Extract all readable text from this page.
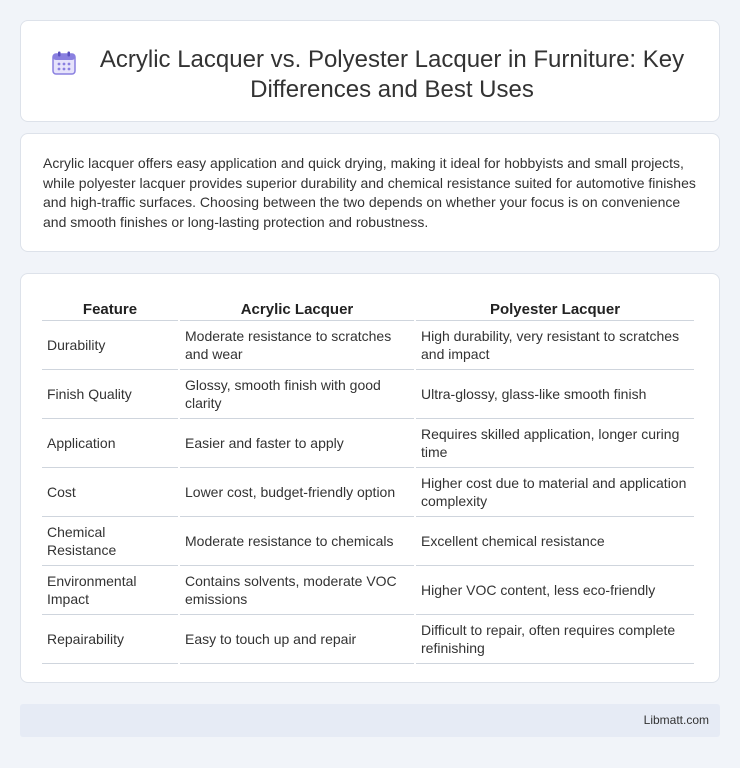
Acrylic Lacquer vs. Polyester Lacquer in Furniture: Key Differences and Best Uses

Acrylic lacquer offers easy application and quick drying, making it ideal for hobbyists and small projects, while polyester lacquer provides superior durability and chemical resistance suited for automotive finishes and high-traffic surfaces. Choosing between the two depends on whether your focus is on convenience and smooth finishes or long-lasting protection and robustness.

Feature	Acrylic Lacquer	Polyester Lacquer
Durability	Moderate resistance to scratches and wear	High durability, very resistant to scratches and impact
Finish Quality	Glossy, smooth finish with good clarity	Ultra-glossy, glass-like smooth finish
Application	Easier and faster to apply	Requires skilled application, longer curing time
Cost	Lower cost, budget-friendly option	Higher cost due to material and application complexity
Chemical Resistance	Moderate resistance to chemicals	Excellent chemical resistance
Environmental Impact	Contains solvents, moderate VOC emissions	Higher VOC content, less eco-friendly
Repairability	Easy to touch up and repair	Difficult to repair, often requires complete refinishing
Libmatt.com
